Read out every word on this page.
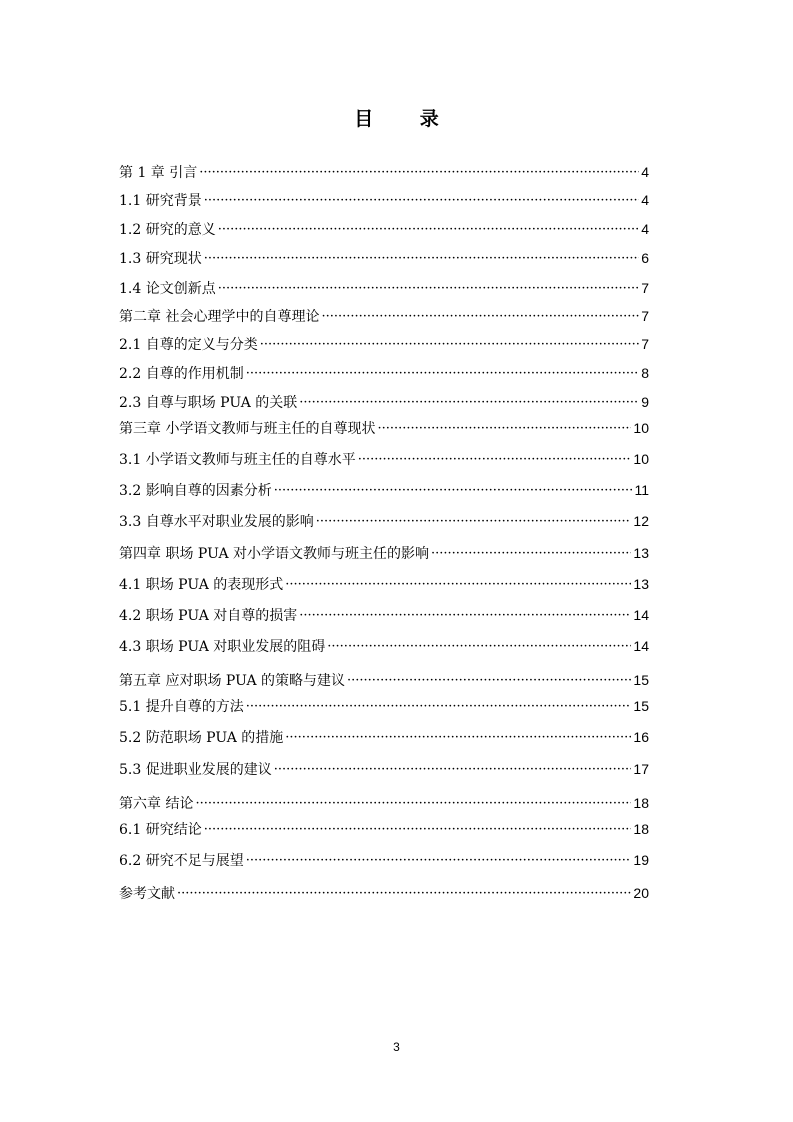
目 录
第 1 章 引言 ·····	4
1.1 研究背景 ·····	4
1.2 研究的意义 ·····	4
1.3 研究现状 ·····	6
1.4 论文创新点 ·····	7
第二章 社会心理学中的自尊理论 ·····	7
2.1 自尊的定义与分类 ·····	7
2.2 自尊的作用机制 ·····	8
2.3 自尊与职场 PUA 的关联 ·····	9
第三章 小学语文教师与班主任的自尊现状 ·····	10
3.1 小学语文教师与班主任的自尊水平 ·····	10
3.2 影响自尊的因素分析 ·····	11
3.3 自尊水平对职业发展的影响 ·····	12
第四章 职场 PUA 对小学语文教师与班主任的影响 ·····	13
4.1 职场 PUA 的表现形式 ·····	13
4.2 职场 PUA 对自尊的损害 ·····	14
4.3 职场 PUA 对职业发展的阻碍 ·····	14
第五章 应对职场 PUA 的策略与建议 ·····	15
5.1 提升自尊的方法 ·····	15
5.2 防范职场 PUA 的措施 ·····	16
5.3 促进职业发展的建议 ·····	17
第六章 结论 ·····	18
6.1 研究结论 ·····	18
6.2 研究不足与展望 ·····	19
参考文献 ·····	20
3
